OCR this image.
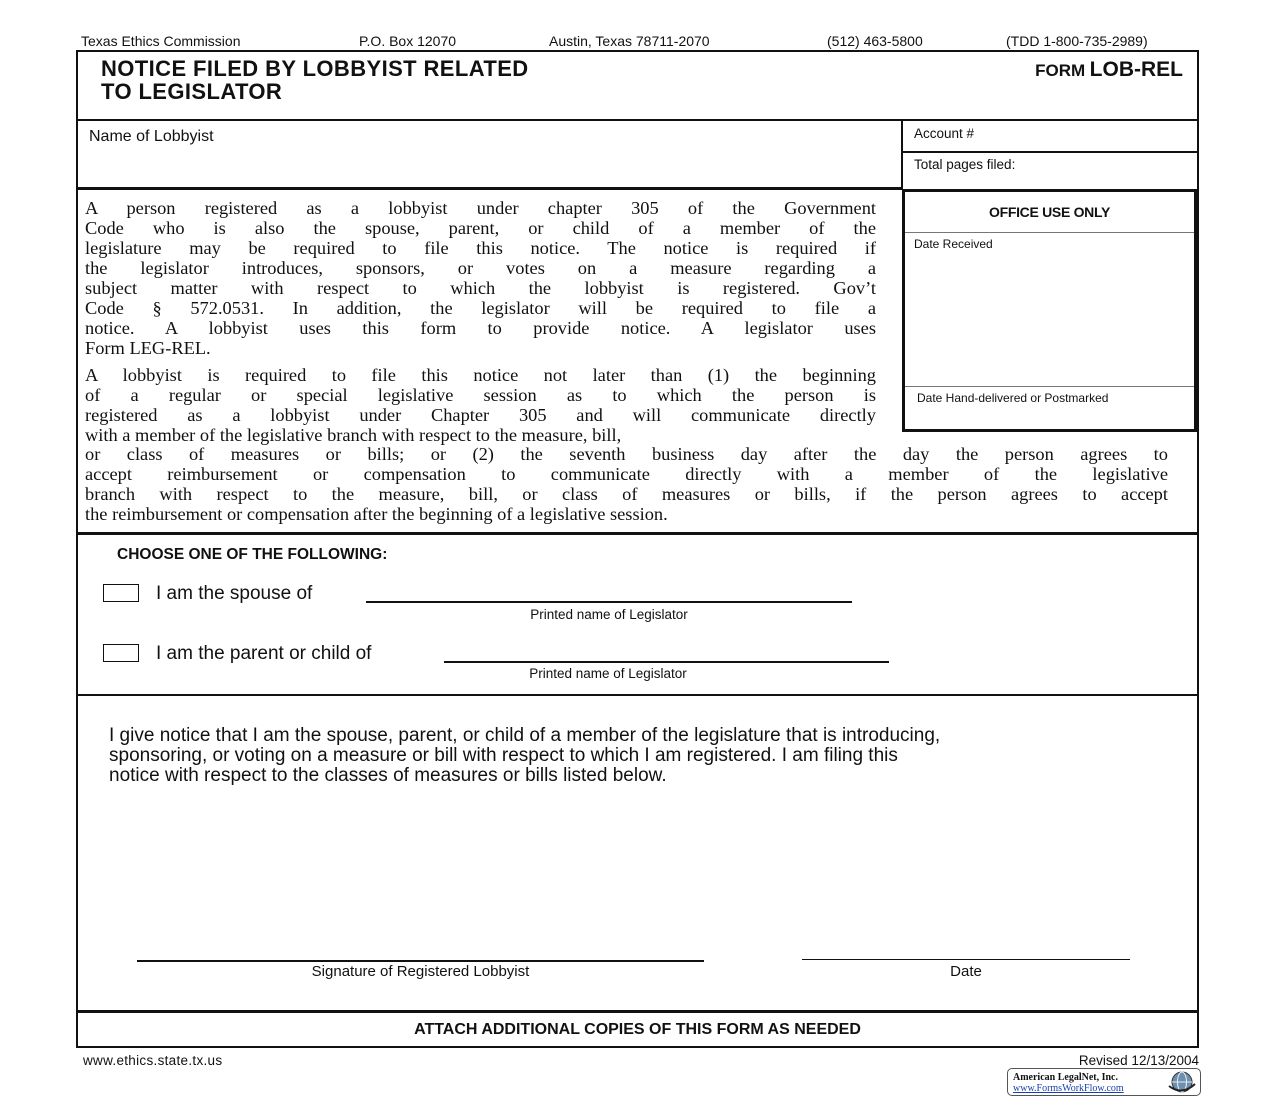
Texas Ethics Commission	P.O. Box 12070	Austin, Texas 78711-2070	(512) 463-5800	(TDD 1-800-735-2989)
NOTICE FILED BY LOBBYIST RELATED
TO LEGISLATOR
FORM LOB-REL
Name of Lobbyist	Account #
Total pages filed:
OFFICE USE ONLY
Date Received
Date Hand-delivered or Postmarked
A person registered as a lobbyist under chapter 305 of the Government
Code who is also the spouse, parent, or child of a member of the
legislature may be required to file this notice. The notice is required if
the legislator introduces, sponsors, or votes on a measure regarding a
subject matter with respect to which the lobbyist is registered. Gov’t
Code § 572.0531. In addition, the legislator will be required to file a
notice. A lobbyist uses this form to provide notice. A legislator uses
Form LEG-REL.
A lobbyist is required to file this notice not later than (1) the beginning
of a regular or special legislative session as to which the person is
registered as a lobbyist under Chapter 305 and will communicate directly
with a member of the legislative branch with respect to the measure, bill,
or class of measures or bills; or (2) the seventh business day after the day the person agrees to
accept reimbursement or compensation to communicate directly with a member of the legislative
branch with respect to the measure, bill, or class of measures or bills, if the person agrees to accept
the reimbursement or compensation after the beginning of a legislative session.
CHOOSE ONE OF THE FOLLOWING:
I am the spouse of
Printed name of Legislator
I am the parent or child of
Printed name of Legislator
I give notice that I am the spouse, parent, or child of a member of the legislature that is introducing,
sponsoring, or voting on a measure or bill with respect to which I am registered. I am filing this
notice with respect to the classes of measures or bills listed below.
Signature of Registered Lobbyist	Date
ATTACH ADDITIONAL COPIES OF THIS FORM AS NEEDED
www.ethics.state.tx.us	Revised 12/13/2004
American LegalNet, Inc.
www.FormsWorkFlow.com
